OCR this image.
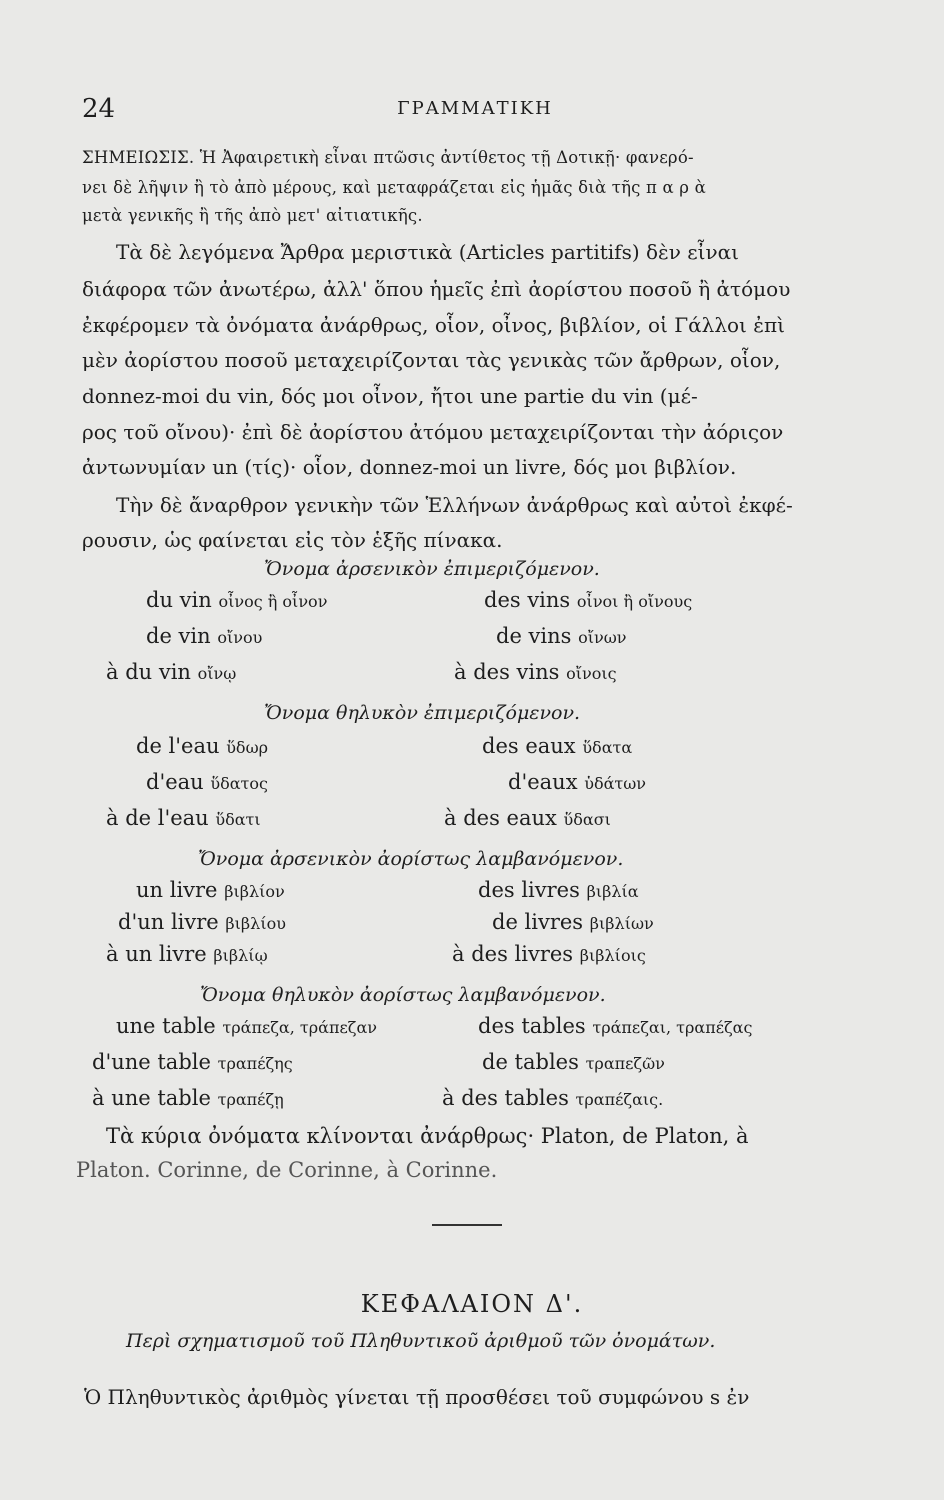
24	ΓΡΑΜΜΑΤΙΚΗ
ΣΗΜΕΙΩΣΙΣ. Ἡ Ἀφαιρετικὴ εἶναι πτῶσις ἀντίθετος τῇ Δοτικῇ· φανερό-
νει δὲ λῆψιν ἢ τὸ ἀπὸ μέρους, καὶ μεταφράζεται εἰς ἡμᾶς διὰ τῆς π α ρ ὰ
μετὰ γενικῆς ἢ τῆς ἀπὸ μετ' αἰτιατικῆς.
Τὰ δὲ λεγόμενα Ἄρθρα μεριστικὰ (Articles partitifs) δὲν εἶναι
διάφορα τῶν ἀνωτέρω, ἀλλ' ὅπου ἡμεῖς ἐπὶ ἀορίστου ποσοῦ ἢ ἀτόμου
ἐκφέρομεν τὰ ὀνόματα ἀνάρθρως, οἷον, οἶνος, βιβλίον, οἱ Γάλλοι ἐπὶ
μὲν ἀορίστου ποσοῦ μεταχειρίζονται τὰς γενικὰς τῶν ἄρθρων, οἷον,
donnez-moi du vin, δός μοι οἶνον, ἤτοι une partie du vin (μέ-
ρος τοῦ οἴνου)· ἐπὶ δὲ ἀορίστου ἀτόμου μεταχειρίζονται τὴν ἀόριςον
ἀντωνυμίαν un (τίς)· οἷον, donnez-moi un livre, δός μοι βιβλίον.
Τὴν δὲ ἄναρθρον γενικὴν τῶν Ἑλλήνων ἀνάρθρως καὶ αὐτοὶ ἐκφέ-
ρουσιν, ὡς φαίνεται εἰς τὸν ἑξῆς πίνακα.
Ὄνομα ἀρσενικὸν ἐπιμεριζόμενον.
du vin οἶνος ἢ οἶνον	des vins οἶνοι ἢ οἴνους
de vin οἴνου	de vins οἴνων
à du vin οἴνῳ	à des vins οἴνοις
Ὄνομα θηλυκὸν ἐπιμεριζόμενον.
de l'eau ὕδωρ	des eaux ὕδατα
d'eau ὕδατος	d'eaux ὑδάτων
à de l'eau ὕδατι	à des eaux ὕδασι
Ὄνομα ἀρσενικὸν ἀορίστως λαμβανόμενον.
un livre βιβλίον	des livres βιβλία
d'un livre βιβλίου	de livres βιβλίων
à un livre βιβλίῳ	à des livres βιβλίοις
Ὄνομα θηλυκὸν ἀορίστως λαμβανόμενον.
une table τράπεζα, τράπεζαν	des tables τράπεζαι, τραπέζας
d'une table τραπέζης	de tables τραπεζῶν
à une table τραπέζῃ	à des tables τραπέζαις.
Τὰ κύρια ὀνόματα κλίνονται ἀνάρθρως· Platon, de Platon, à
Platon. Corinne, de Corinne, à Corinne.
ΚΕΦΑΛΑΙΟΝ Δ'.
Περὶ σχηματισμοῦ τοῦ Πληθυντικοῦ ἀριθμοῦ τῶν ὀνομάτων.
Ὁ Πληθυντικὸς ἀριθμὸς γίνεται τῇ προσθέσει τοῦ συμφώνου s ἐν
